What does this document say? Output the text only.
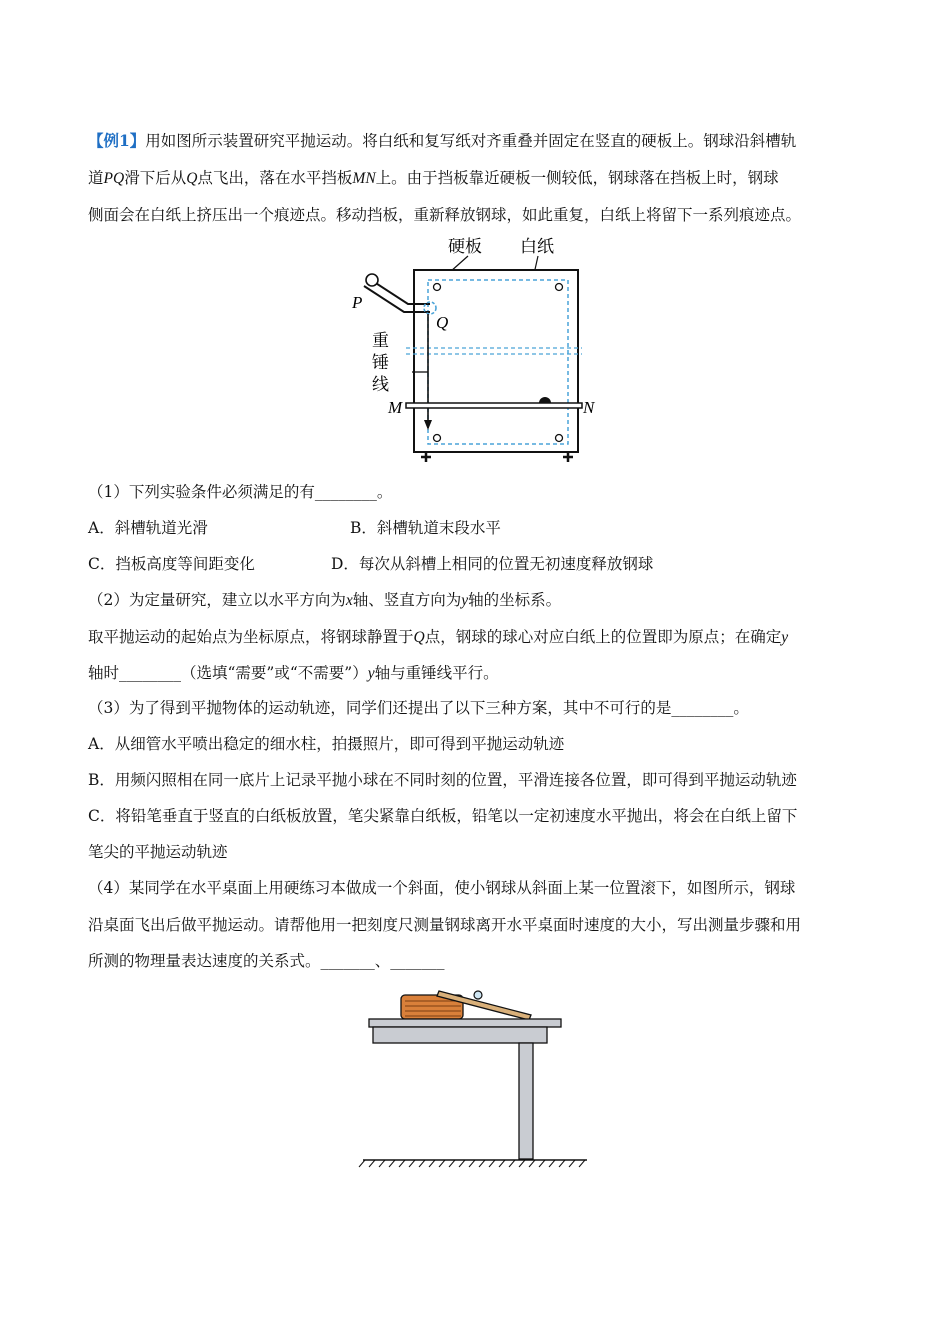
【例1】用如图所示装置研究平抛运动。将白纸和复写纸对齐重叠并固定在竖直的硬板上。钢球沿斜槽轨
道PQ滑下后从Q点飞出，落在水平挡板MN上。由于挡板靠近硬板一侧较低，钢球落在挡板上时，钢球
侧面会在白纸上挤压出一个痕迹点。移动挡板，重新释放钢球，如此重复，白纸上将留下一系列痕迹点。
硬板 白纸
P
Q
重
锤
线
M	N
（1）下列实验条件必须满足的有________。
A．斜槽轨道光滑	B．斜槽轨道末段水平
C．挡板高度等间距变化	D．每次从斜槽上相同的位置无初速度释放钢球
（2）为定量研究，建立以水平方向为x轴、竖直方向为y轴的坐标系。
取平抛运动的起始点为坐标原点，将钢球静置于Q点，钢球的球心对应白纸上的位置即为原点；在确定y
轴时________（选填“需要”或“不需要”）y轴与重锤线平行。
（3）为了得到平抛物体的运动轨迹，同学们还提出了以下三种方案，其中不可行的是________。
A．从细管水平喷出稳定的细水柱，拍摄照片，即可得到平抛运动轨迹
B．用频闪照相在同一底片上记录平抛小球在不同时刻的位置，平滑连接各位置，即可得到平抛运动轨迹
C．将铅笔垂直于竖直的白纸板放置，笔尖紧靠白纸板，铅笔以一定初速度水平抛出，将会在白纸上留下
笔尖的平抛运动轨迹
（4）某同学在水平桌面上用硬练习本做成一个斜面，使小钢球从斜面上某一位置滚下，如图所示，钢球
沿桌面飞出后做平抛运动。请帮他用一把刻度尺测量钢球离开水平桌面时速度的大小，写出测量步骤和用
所测的物理量表达速度的关系式。_______、_______
